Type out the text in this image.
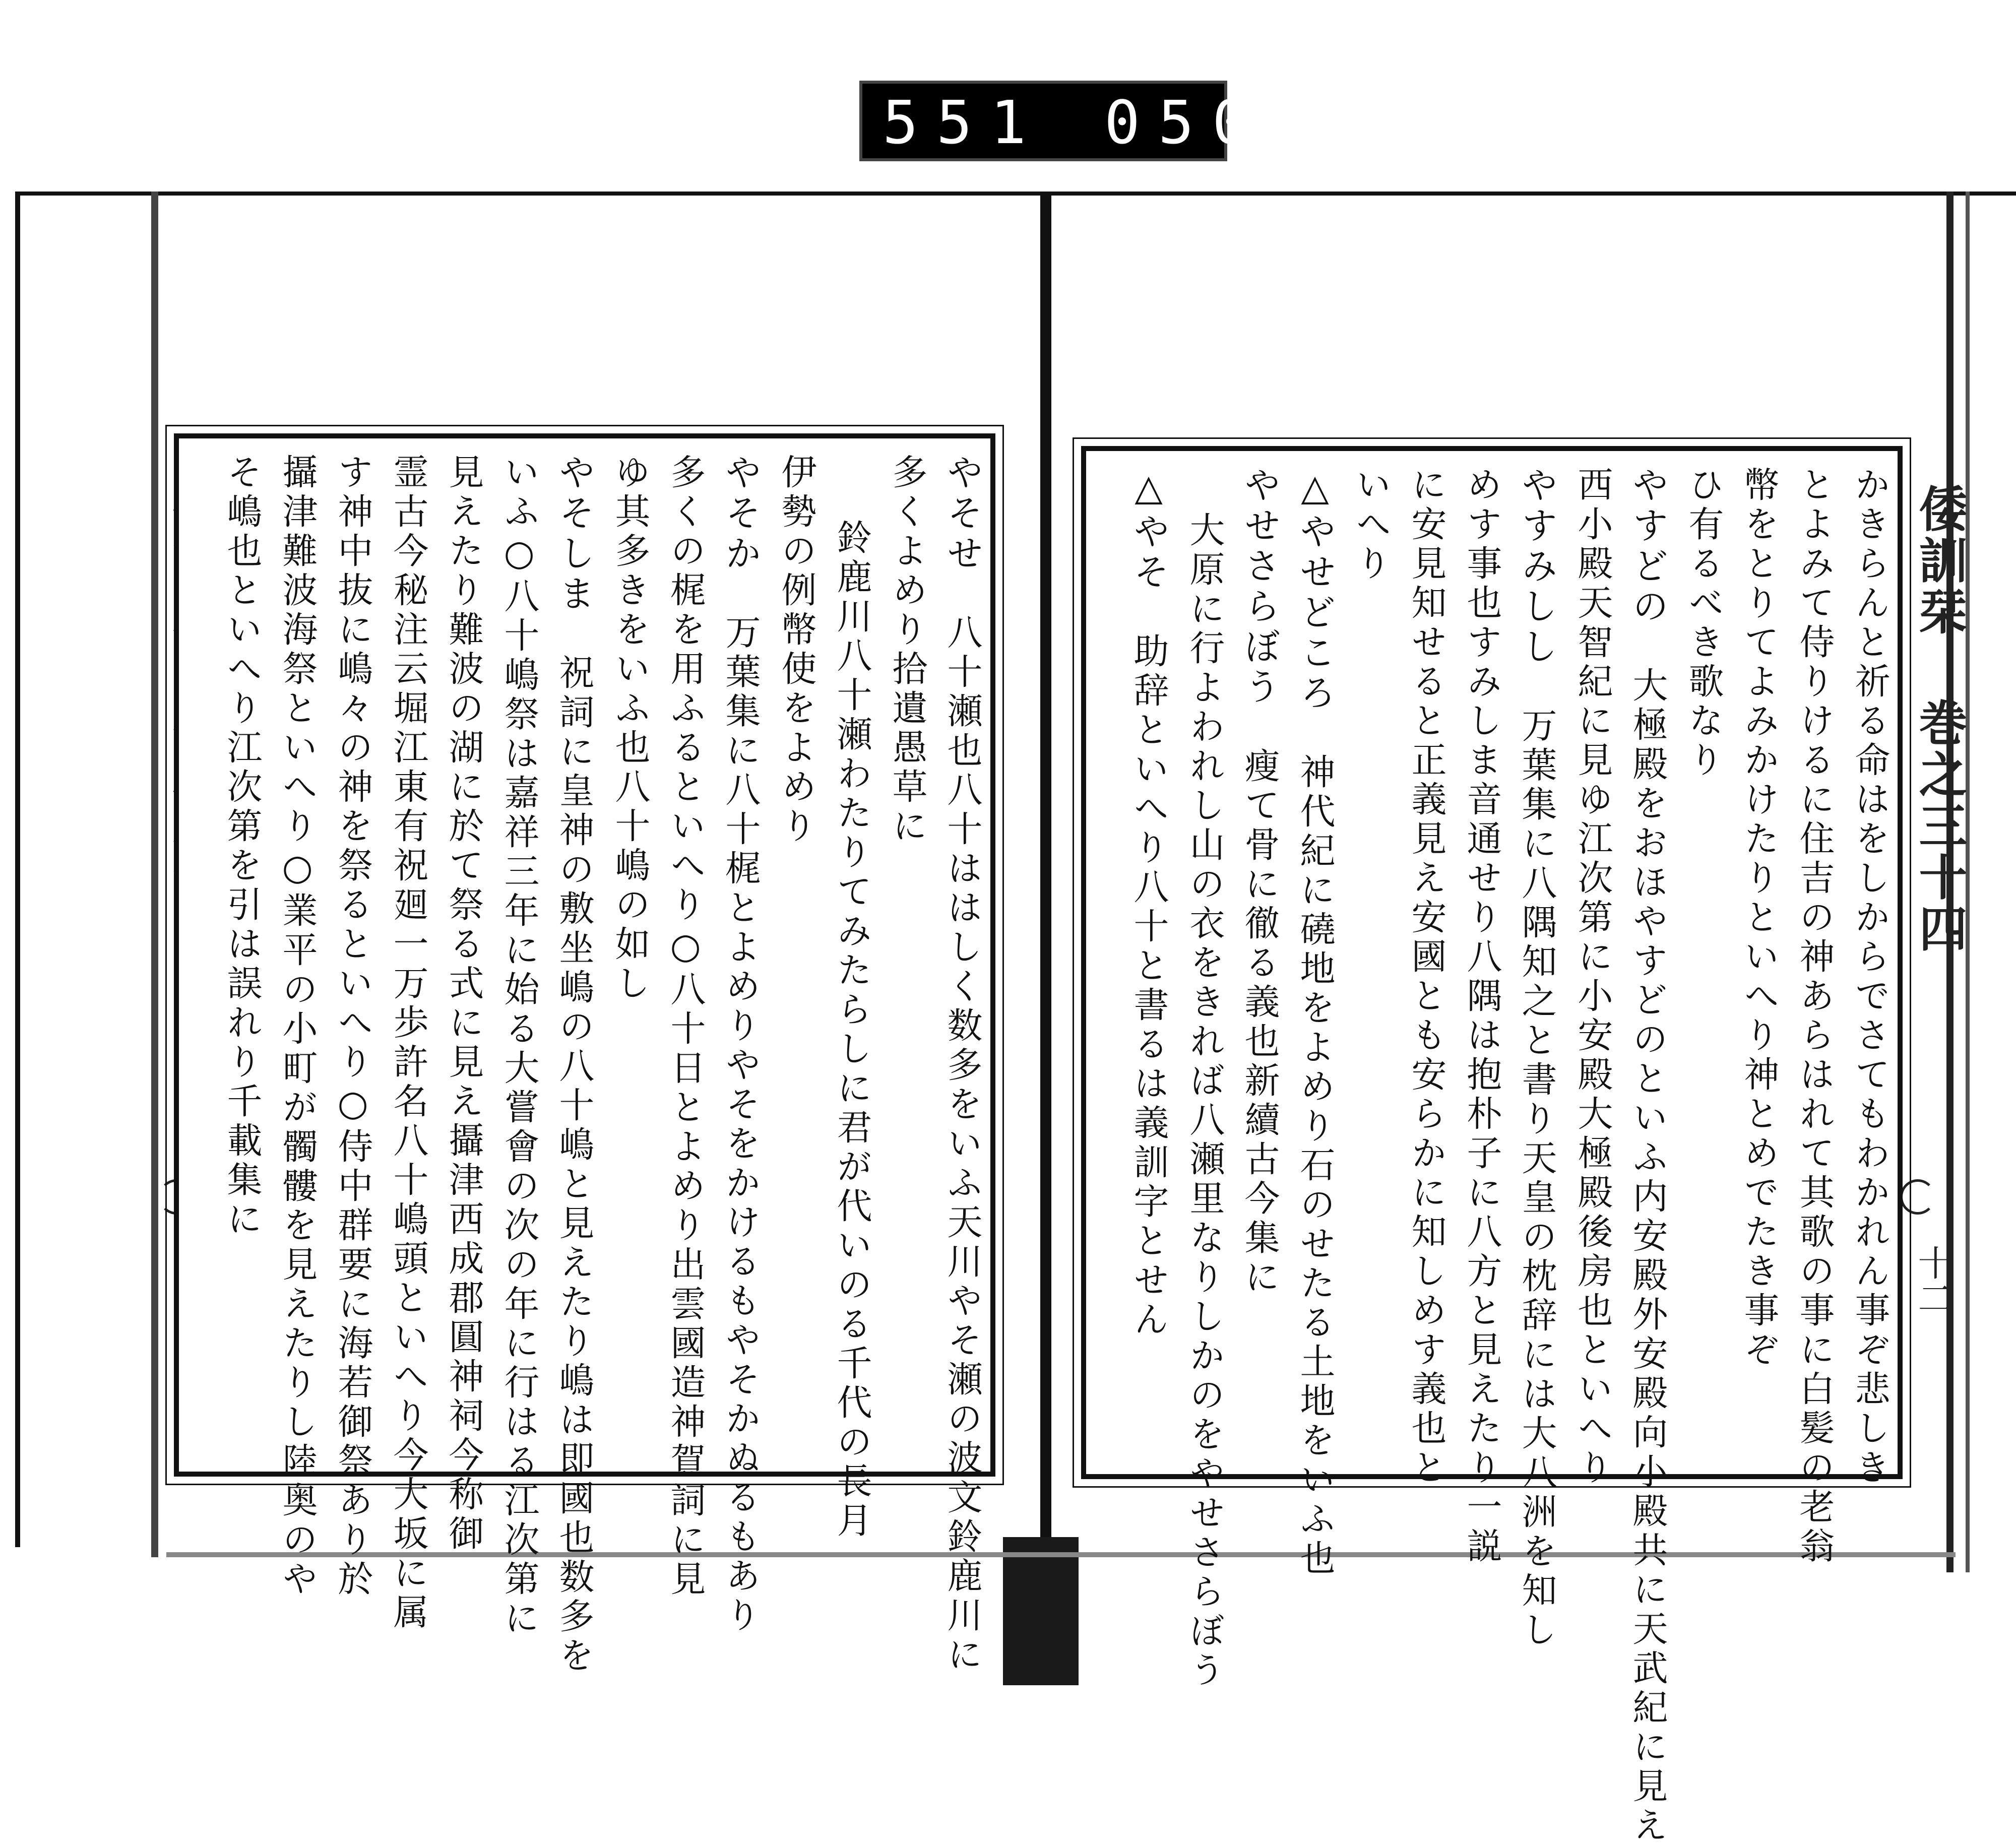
551 050
やそせ　八十瀬也八十ははしく数多をいふ天川やそ瀬の波文鈴鹿川に
多くよめり拾遺愚草に
鈴鹿川八十瀬わたりてみたらしに君が代いのる千代の長月
伊勢の例幣使をよめり
やそか　万葉集に八十梶とよめりやそをかけるもやそかぬるもあり
多くの梶を用ふるといへり○八十日とよめり出雲國造神賀詞に見
ゆ其多きをいふ也八十嶋の如し
やそしま　祝詞に皇神の敷坐嶋の八十嶋と見えたり嶋は即國也数多を
いふ○八十嶋祭は嘉祥三年に始る大嘗會の次の年に行はる江次第に
見えたり難波の湖に於て祭る式に見え攝津西成郡圓神祠今称御
霊古今秘注云堀江東有祝廻一万歩許名八十嶋頭といへり今大坂に属
す神中抜に嶋々の神を祭るといへり○侍中群要に海若御祭あり於
攝津難波海祭といへり○業平の小町が髑髏を見えたりし陸奥のや
そ嶋也といへり江次第を引は誤れり千載集に	倭訓栞 巻之三十四
十二
かきらんと祈る命はをしからでさてもわかれん事ぞ悲しき
とよみて侍りけるに住吉の神あらはれて其歌の事に白髪の老翁
幣をとりてよみかけたりといへり神とめでたき事ぞ
ひ有るべき歌なり
やすどの　大極殿をおほやすどのといふ内安殿外安殿向小殿共に天武紀に見え
西小殿天智紀に見ゆ江次第に小安殿大極殿後房也といへり
やすみしし　万葉集に八隅知之と書り天皇の枕辞には大八洲を知し
めす事也すみしま音通せり八隅は抱朴子に八方と見えたり一説
に安見知せると正義見え安國とも安らかに知しめす義也と
いへり
△やせどころ　神代紀に磽地をよめり石のせたる土地をいふ也
やせさらぼう　瘦て骨に徹る義也新續古今集に
大原に行よわれし山の衣をきれば八瀬里なりしかのをやせさらぼう
△やそ　助辞といへり八十と書るは義訓字とせん
